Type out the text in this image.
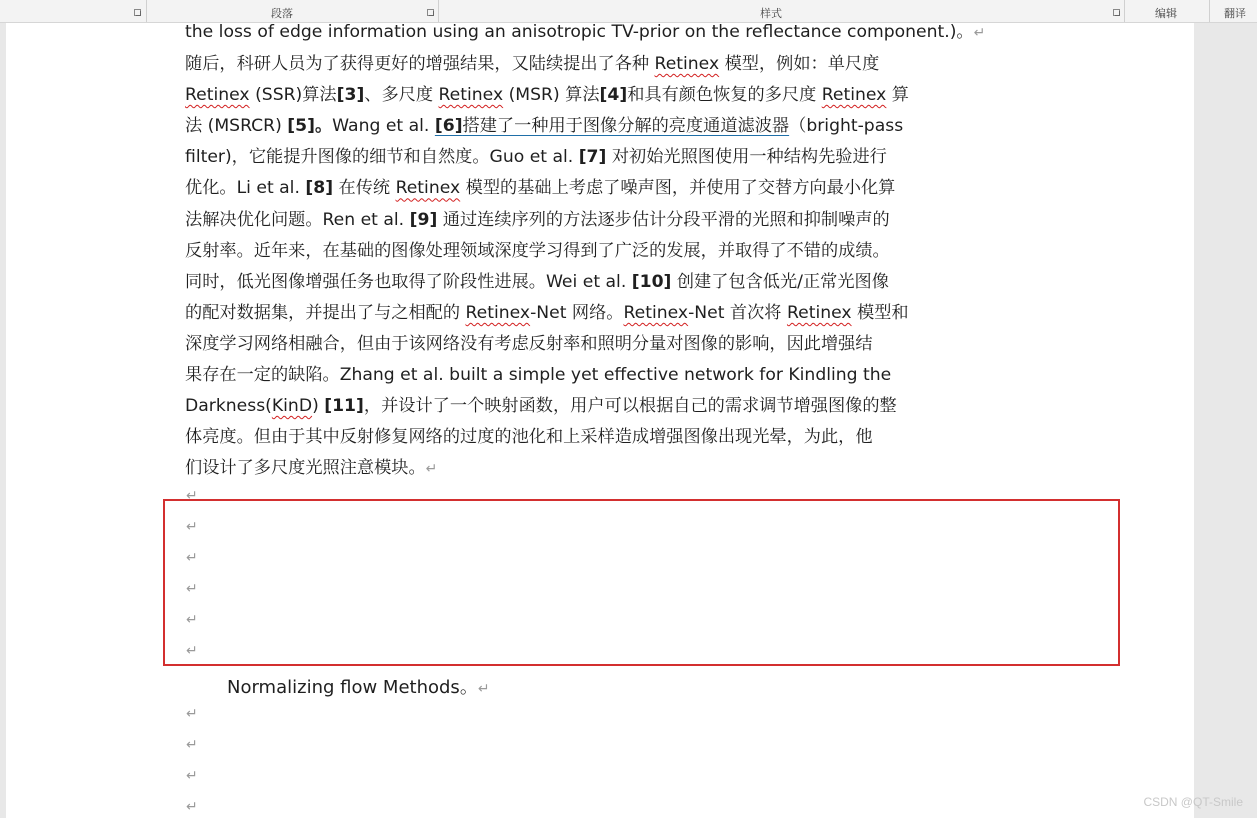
段落	样式	编辑	翻译
the loss of edge information using an anisotropic TV-prior on the reflectance component.)。↵
随后，科研人员为了获得更好的增强结果，又陆续提出了各种 Retinex 模型，例如：单尺度
Retinex (SSR)算法[3]、多尺度 Retinex (MSR) 算法[4]和具有颜色恢复的多尺度 Retinex 算
法 (MSRCR) [5]。Wang et al. [6]搭建了一种用于图像分解的亮度通道滤波器（bright-pass
filter)，它能提升图像的细节和自然度。Guo et al. [7] 对初始光照图使用一种结构先验进行
优化。Li et al. [8] 在传统 Retinex 模型的基础上考虑了噪声图，并使用了交替方向最小化算
法解决优化问题。Ren et al. [9] 通过连续序列的方法逐步估计分段平滑的光照和抑制噪声的
反射率。近年来，在基础的图像处理领域深度学习得到了广泛的发展，并取得了不错的成绩。
同时，低光图像增强任务也取得了阶段性进展。Wei et al. [10] 创建了包含低光/正常光图像
的配对数据集，并提出了与之相配的 Retinex-Net 网络。Retinex-Net 首次将 Retinex 模型和
深度学习网络相融合，但由于该网络没有考虑反射率和照明分量对图像的影响，因此增强结
果存在一定的缺陷。Zhang et al. built a simple yet effective network for Kindling the
Darkness(KinD) [11]，并设计了一个映射函数，用户可以根据自己的需求调节增强图像的整
体亮度。但由于其中反射修复网络的过度的池化和上采样造成增强图像出现光晕，为此，他
们设计了多尺度光照注意模块。↵
↵
↵
↵
↵
↵
↵
Normalizing flow Methods。↵
↵
↵
↵
↵	CSDN @QT-Smile
